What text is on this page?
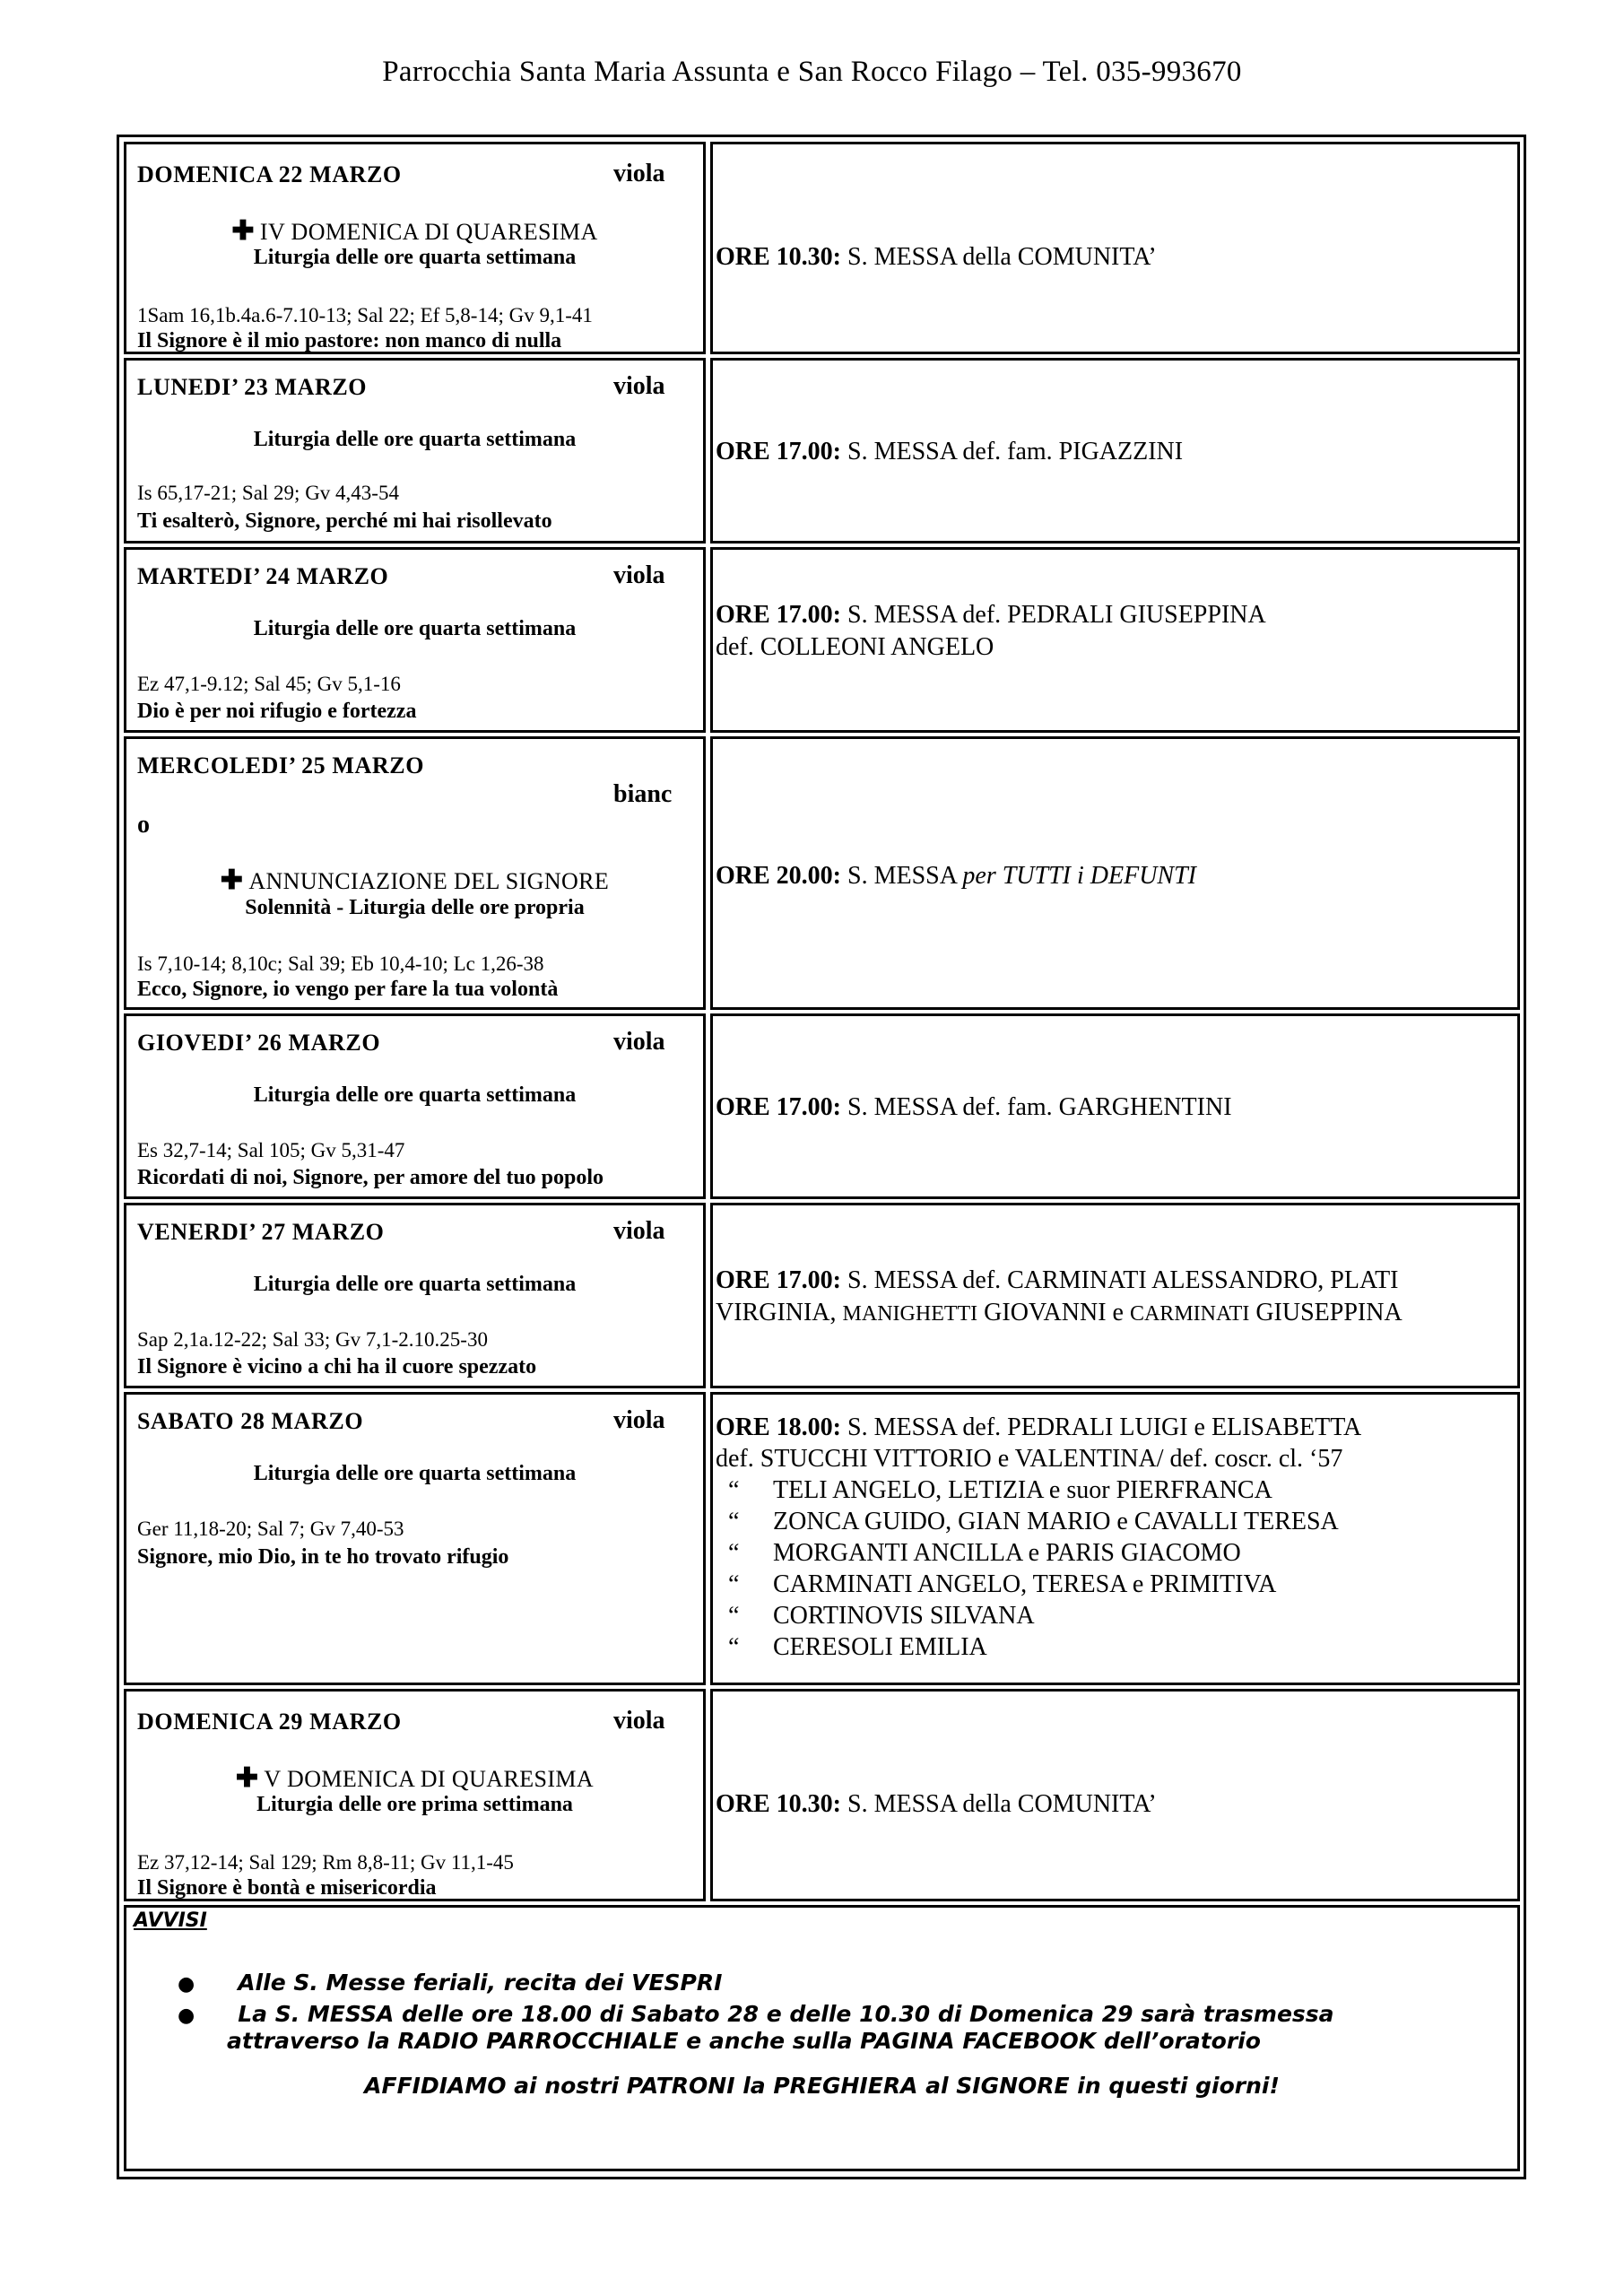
Parrocchia Santa Maria Assunta e San Rocco Filago – Tel. 035-993670
DOMENICA 22 MARZO	viola
✚ IV DOMENICA DI QUARESIMA
Liturgia delle ore quarta settimana
1Sam 16,1b.4a.6-7.10-13; Sal 22; Ef 5,8-14; Gv 9,1-41
Il Signore è il mio pastore: non manco di nulla
ORE 10.30: S. MESSA della COMUNITA’
LUNEDI’ 23 MARZO	viola
Liturgia delle ore quarta settimana
Is 65,17-21; Sal 29; Gv 4,43-54
Ti esalterò, Signore, perché mi hai risollevato
ORE 17.00: S. MESSA def. fam. PIGAZZINI
MARTEDI’ 24 MARZO	viola
Liturgia delle ore quarta settimana
Ez 47,1-9.12; Sal 45; Gv 5,1-16
Dio è per noi rifugio e fortezza
ORE 17.00: S. MESSA def. PEDRALI GIUSEPPINA
def. COLLEONI ANGELO
MERCOLEDI’ 25 MARZO
bianc
o
✚ ANNUNCIAZIONE DEL SIGNORE
Solennità - Liturgia delle ore propria
Is 7,10-14; 8,10c; Sal 39; Eb 10,4-10; Lc 1,26-38
Ecco, Signore, io vengo per fare la tua volontà
ORE 20.00: S. MESSA per TUTTI i DEFUNTI
GIOVEDI’ 26 MARZO	viola
Liturgia delle ore quarta settimana
Es 32,7-14; Sal 105; Gv 5,31-47
Ricordati di noi, Signore, per amore del tuo popolo
ORE 17.00: S. MESSA def. fam. GARGHENTINI
VENERDI’ 27 MARZO	viola
Liturgia delle ore quarta settimana
Sap 2,1a.12-22; Sal 33; Gv 7,1-2.10.25-30
Il Signore è vicino a chi ha il cuore spezzato
ORE 17.00: S. MESSA def. CARMINATI ALESSANDRO, PLATI
VIRGINIA, MANIGHETTI GIOVANNI e CARMINATI GIUSEPPINA
SABATO 28 MARZO	viola
Liturgia delle ore quarta settimana
Ger 11,18-20; Sal 7; Gv 7,40-53
Signore, mio Dio, in te ho trovato rifugio
ORE 18.00: S. MESSA def. PEDRALI LUIGI e ELISABETTA
def. STUCCHI VITTORIO e VALENTINA/ def. coscr. cl. ‘57
“ TELI ANGELO, LETIZIA e suor PIERFRANCA
“ ZONCA GUIDO, GIAN MARIO e CAVALLI TERESA
“ MORGANTI ANCILLA e PARIS GIACOMO
“ CARMINATI ANGELO, TERESA e PRIMITIVA
“ CORTINOVIS SILVANA
“ CERESOLI EMILIA
DOMENICA 29 MARZO	viola
✚ V DOMENICA DI QUARESIMA
Liturgia delle ore prima settimana
Ez 37,12-14; Sal 129; Rm 8,8-11; Gv 11,1-45
Il Signore è bontà e misericordia
ORE 10.30: S. MESSA della COMUNITA’
AVVISI
● Alle S. Messe feriali, recita dei VESPRI
● La S. MESSA delle ore 18.00 di Sabato 28 e delle 10.30 di Domenica 29 sarà trasmessa
attraverso la RADIO PARROCCHIALE e anche sulla PAGINA FACEBOOK dell’oratorio
AFFIDIAMO ai nostri PATRONI la PREGHIERA al SIGNORE in questi giorni!
